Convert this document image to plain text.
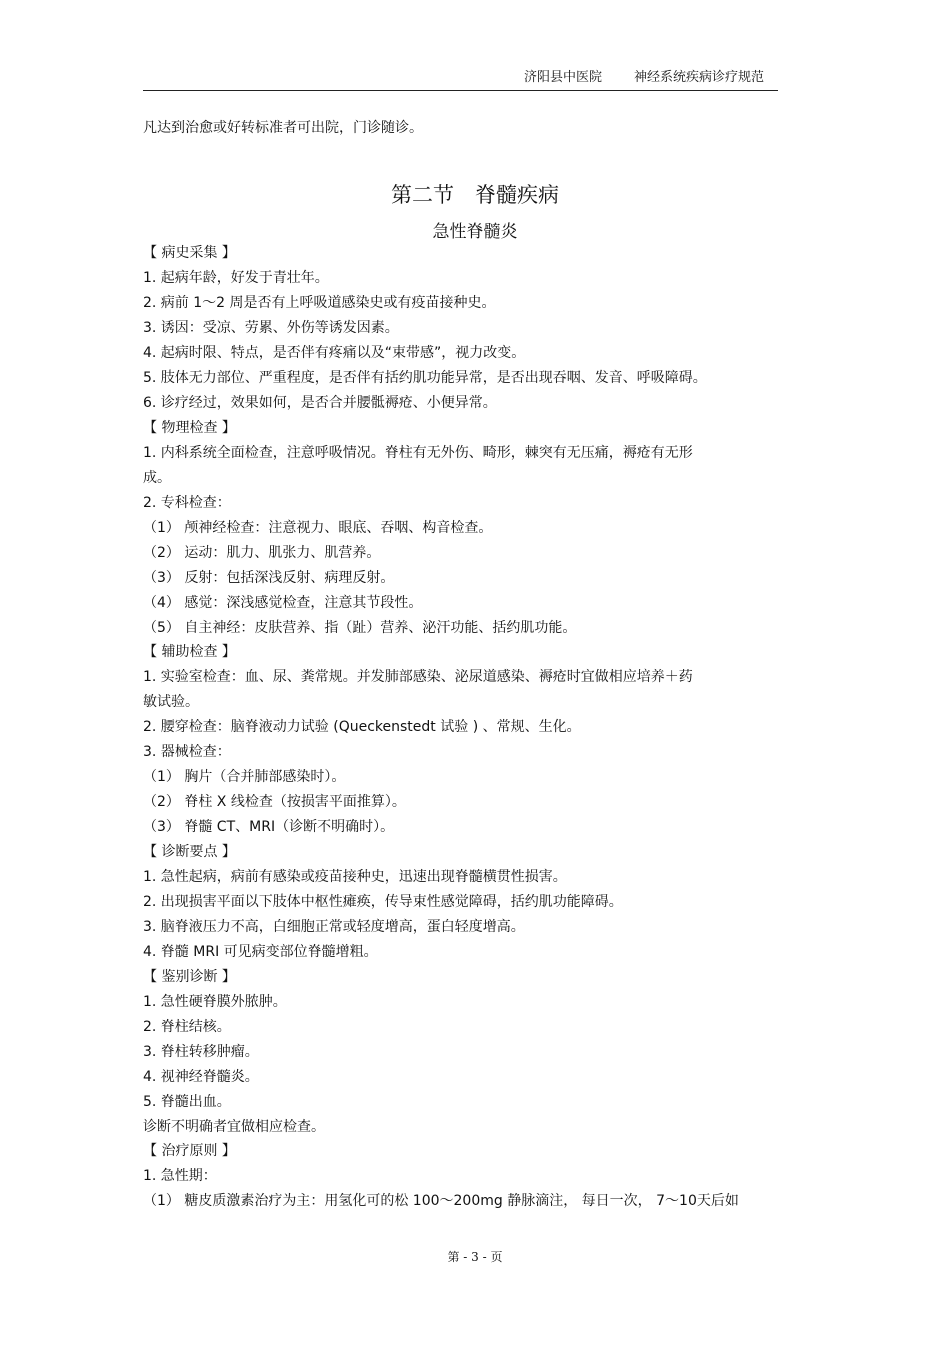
济阳县中医院 神经系统疾病诊疗规范
凡达到治愈或好转标准者可出院，门诊随诊。
第二节　脊髓疾病
急性脊髓炎
【 病史采集 】
1. 起病年龄，好发于青壮年。
2. 病前 1～2 周是否有上呼吸道感染史或有疫苗接种史。
3. 诱因：受凉、劳累、外伤等诱发因素。
4. 起病时限、特点，是否伴有疼痛以及“束带感”，视力改变。
5. 肢体无力部位、严重程度，是否伴有括约肌功能异常，是否出现吞咽、发音、呼吸障碍。
6. 诊疗经过，效果如何，是否合并腰骶褥疮、小便异常。
【 物理检查 】
1. 内科系统全面检查，注意呼吸情况。脊柱有无外伤、畸形，棘突有无压痛，褥疮有无形
成。
2. 专科检查：
（1） 颅神经检查：注意视力、眼底、吞咽、构音检查。
（2） 运动：肌力、肌张力、肌营养。
（3） 反射：包括深浅反射、病理反射。
（4） 感觉：深浅感觉检查，注意其节段性。
（5） 自主神经：皮肤营养、指（趾）营养、泌汗功能、括约肌功能。
【 辅助检查 】
1. 实验室检查：血、尿、粪常规。并发肺部感染、泌尿道感染、褥疮时宜做相应培养＋药
敏试验。
2. 腰穿检查：脑脊液动力试验 (Queckenstedt 试验 ) 、常规、生化。
3. 器械检查：
（1） 胸片（合并肺部感染时）。
（2） 脊柱 X 线检查（按损害平面推算）。
（3） 脊髓 CT、MRI（诊断不明确时）。
【 诊断要点 】
1. 急性起病，病前有感染或疫苗接种史，迅速出现脊髓横贯性损害。
2. 出现损害平面以下肢体中枢性瘫痪，传导束性感觉障碍，括约肌功能障碍。
3. 脑脊液压力不高，白细胞正常或轻度增高，蛋白轻度增高。
4. 脊髓 MRI 可见病变部位脊髓增粗。
【 鉴别诊断 】
1. 急性硬脊膜外脓肿。
2. 脊柱结核。
3. 脊柱转移肿瘤。
4. 视神经脊髓炎。
5. 脊髓出血。
诊断不明确者宜做相应检查。
【 治疗原则 】
1. 急性期：
（1） 糖皮质激素治疗为主：用氢化可的松 100～200mg 静脉滴注， 每日一次， 7～10天后如
第 - 3 - 页
